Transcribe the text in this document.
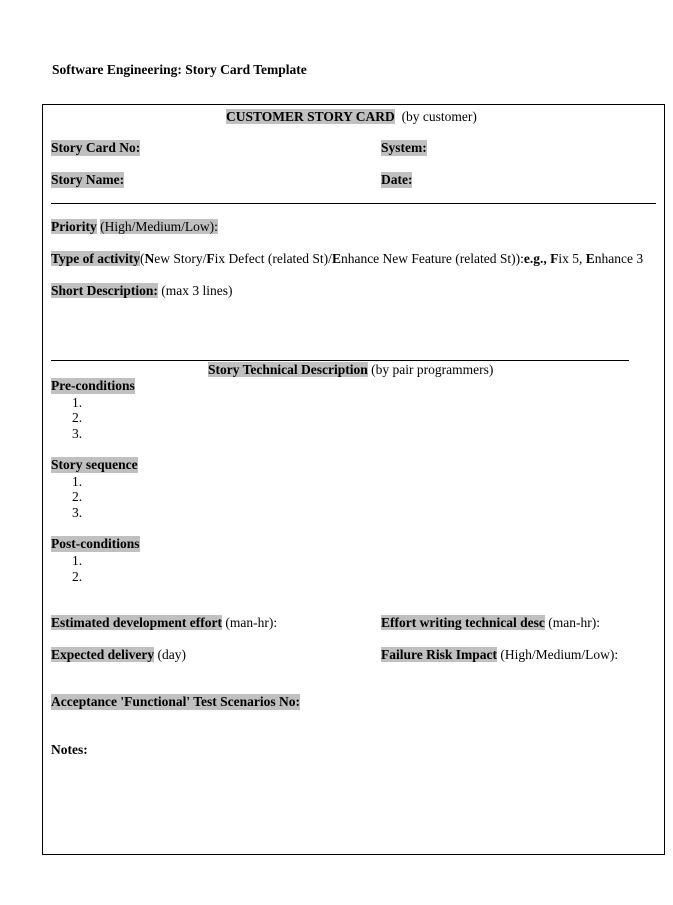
Software Engineering: Story Card Template
CUSTOMER STORY CARD (by customer)
Story Card No:	System:
Story Name:	Date:
Priority (High/Medium/Low):
Type of activity(New Story/Fix Defect (related St)/Enhance New Feature (related St)):e.g., Fix 5, Enhance 3
Short Description: (max 3 lines)
Story Technical Description (by pair programmers)
Pre-conditions
1.
2.
3.
Story sequence
1.
2.
3.
Post-conditions
1.
2.
Estimated development effort (man-hr):	Effort writing technical desc (man-hr):
Expected delivery (day)	Failure Risk Impact (High/Medium/Low):
Acceptance 'Functional' Test Scenarios No:
Notes:
